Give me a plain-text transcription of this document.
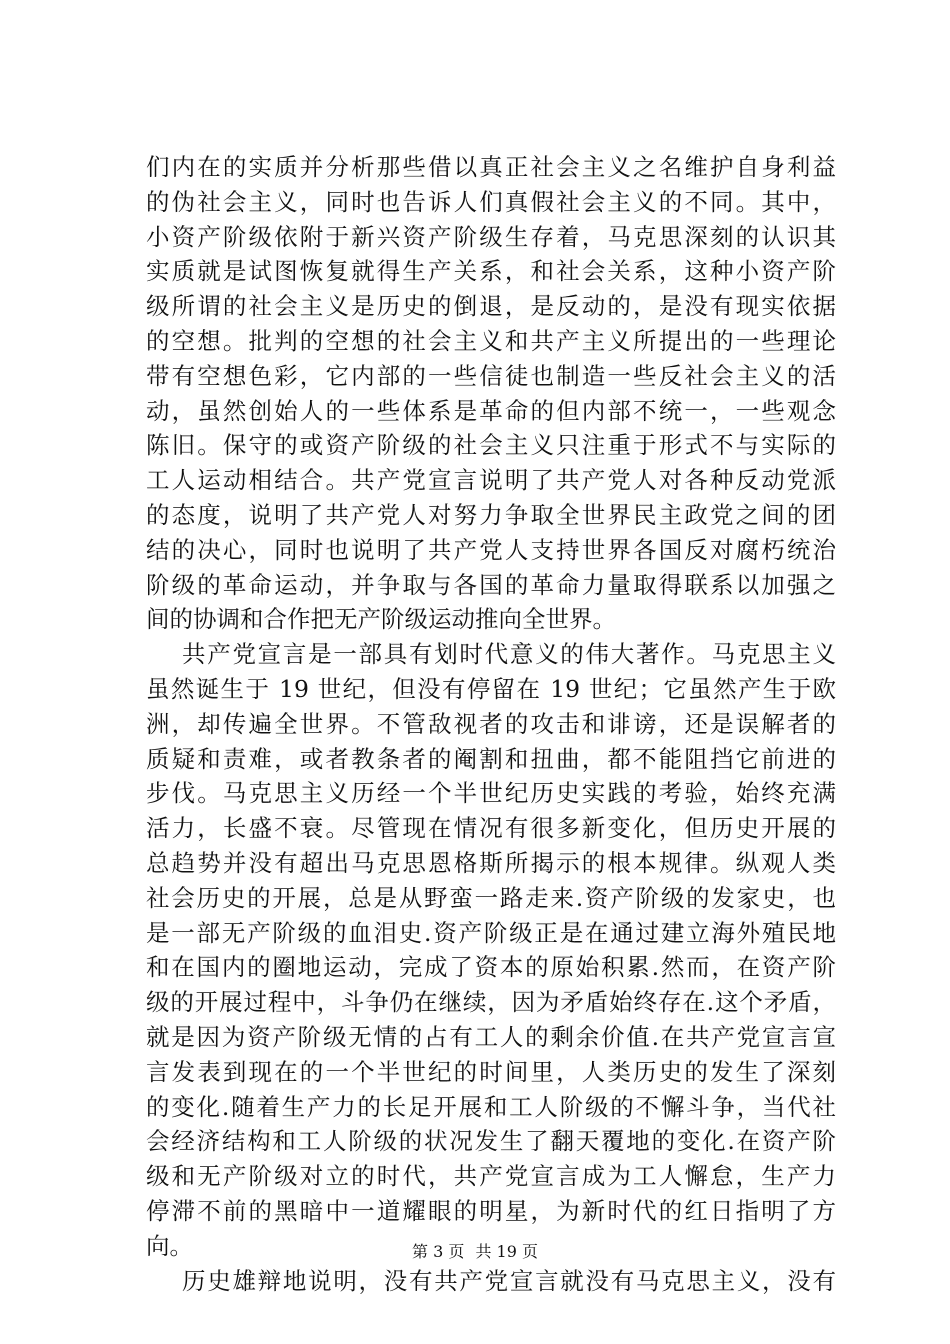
们内在的实质并分析那些借以真正社会主义之名维护自身利益
的伪社会主义，同时也告诉人们真假社会主义的不同。其中，
小资产阶级依附于新兴资产阶级生存着，马克思深刻的认识其
实质就是试图恢复就得生产关系，和社会关系，这种小资产阶
级所谓的社会主义是历史的倒退，是反动的，是没有现实依据
的空想。批判的空想的社会主义和共产主义所提出的一些理论
带有空想色彩，它内部的一些信徒也制造一些反社会主义的活
动，虽然创始人的一些体系是革命的但内部不统一，一些观念
陈旧。保守的或资产阶级的社会主义只注重于形式不与实际的
工人运动相结合。共产党宣言说明了共产党人对各种反动党派
的态度，说明了共产党人对努力争取全世界民主政党之间的团
结的决心，同时也说明了共产党人支持世界各国反对腐朽统治
阶级的革命运动，并争取与各国的革命力量取得联系以加强之
间的协调和合作把无产阶级运动推向全世界。
共产党宣言是一部具有划时代意义的伟大著作。马克思主义
虽然诞生于 19 世纪，但没有停留在 19 世纪；它虽然产生于欧
洲，却传遍全世界。不管敌视者的攻击和诽谤，还是误解者的
质疑和责难，或者教条者的阉割和扭曲，都不能阻挡它前进的
步伐。马克思主义历经一个半世纪历史实践的考验，始终充满
活力，长盛不衰。尽管现在情况有很多新变化，但历史开展的
总趋势并没有超出马克思恩格斯所揭示的根本规律。纵观人类
社会历史的开展，总是从野蛮一路走来.资产阶级的发家史，也
是一部无产阶级的血泪史.资产阶级正是在通过建立海外殖民地
和在国内的圈地运动，完成了资本的原始积累.然而，在资产阶
级的开展过程中，斗争仍在继续，因为矛盾始终存在.这个矛盾，
就是因为资产阶级无情的占有工人的剩余价值.在共产党宣言宣
言发表到现在的一个半世纪的时间里，人类历史的发生了深刻
的变化.随着生产力的长足开展和工人阶级的不懈斗争，当代社
会经济结构和工人阶级的状况发生了翻天覆地的变化.在资产阶
级和无产阶级对立的时代，共产党宣言成为工人懈怠，生产力
停滞不前的黑暗中一道耀眼的明星，为新时代的红日指明了方
向。
历史雄辩地说明，没有共产党宣言就没有马克思主义，没有
第 3 页 共 19 页
